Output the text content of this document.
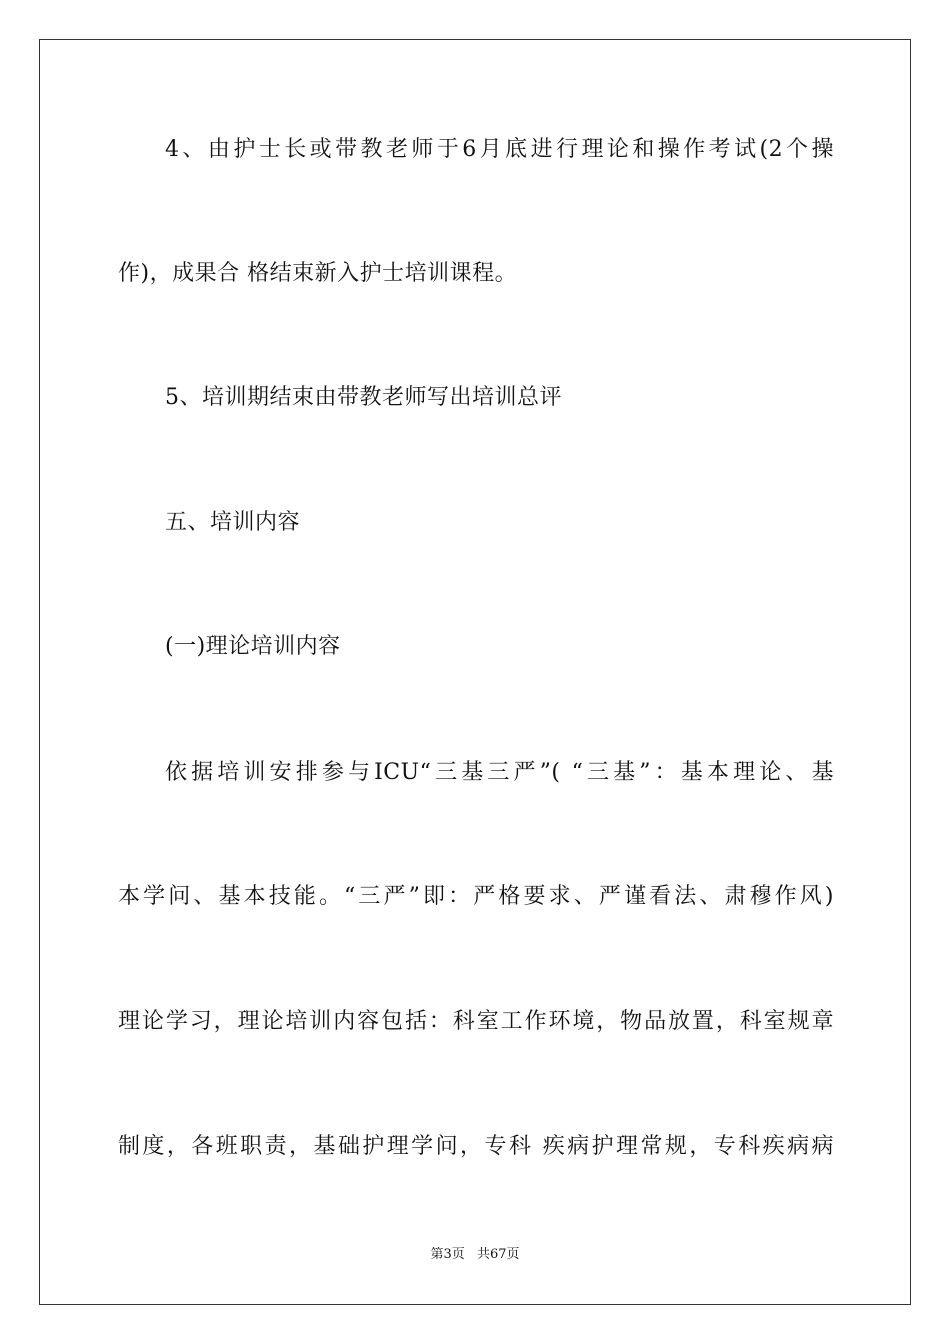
4、由护士长或带教老师于6月底进行理论和操作考试(2个操
作)，成果合 格结束新入护士培训课程。
5、培训期结束由带教老师写出培训总评
五、培训内容
(一)理论培训内容
依据培训安排参与ICU“三基三严”( “三基”：基本理论、基
本学问、基本技能。“三严”即：严格要求、严谨看法、肃穆作风)
理论学习，理论培训内容包括：科室工作环境，物品放置，科室规章
制度，各班职责，基础护理学问，专科 疾病护理常规，专科疾病病
第3页 共67页
